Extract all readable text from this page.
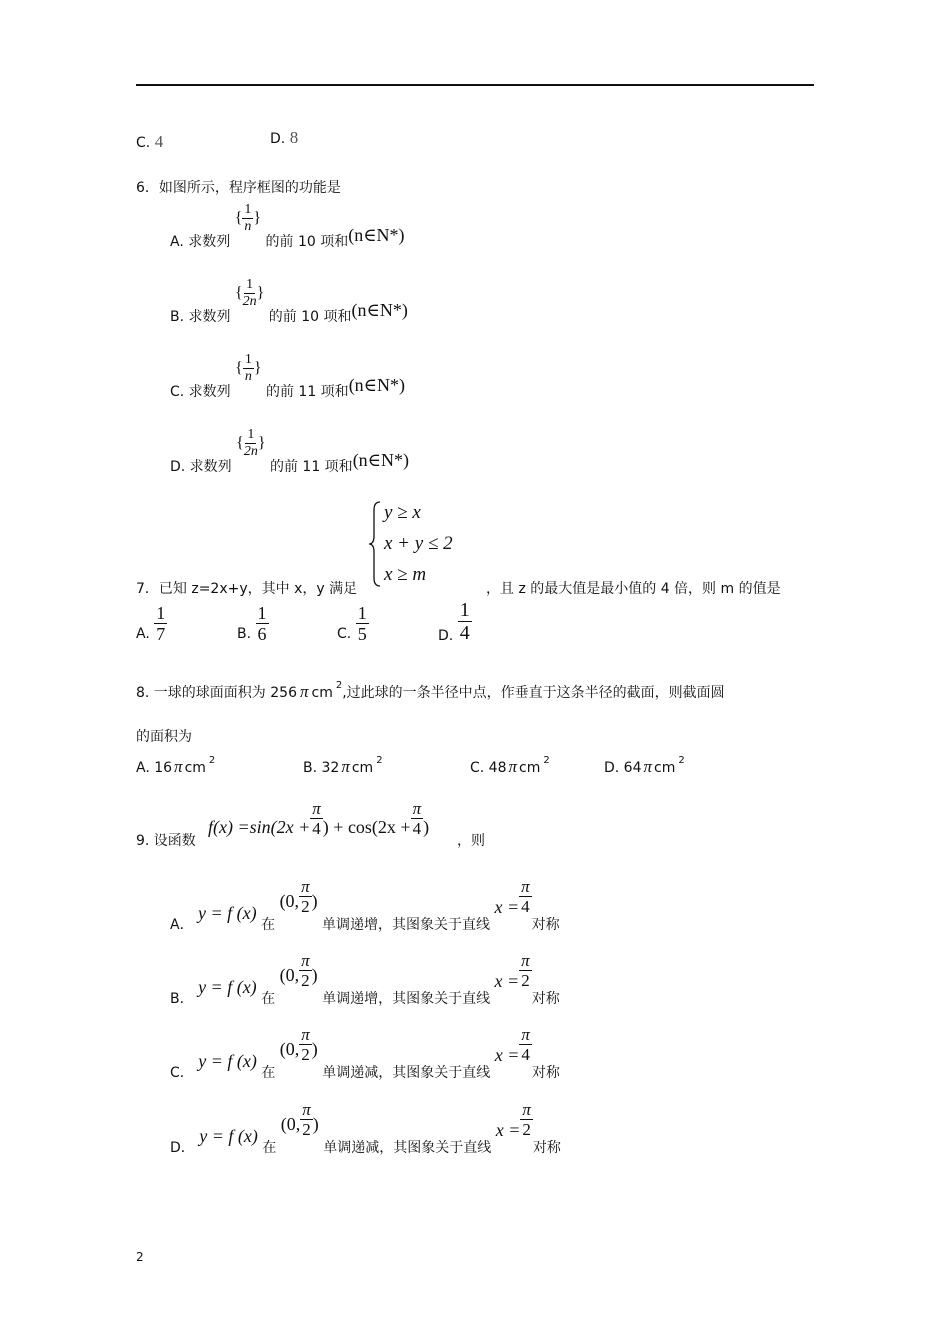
C. 4	D. 8
6．如图所示，程序框图的功能是
A. 求数列 { $\frac{1}{n}$ } 的前 10 项和(n∈N*)
B. 求数列 { $\frac{1}{2n}$ } 的前 10 项和(n∈N*)
C. 求数列 { $\frac{1}{n}$ } 的前 11 项和(n∈N*)
D. 求数列 { $\frac{1}{2n}$ } 的前 11 项和(n∈N*)
y ≥ x
x + y ≤ 2
x ≥ m
7．已知 z=2x+y，其中 x，y 满足	，且 z 的最大值是最小值的 4 倍，则 m 的值是
A. $\frac{1}{7}$	B. $\frac{1}{6}$	C. $\frac{1}{5}$	D. $\frac{1}{4}$
8. 一球的球面面积为 256 π cm $^2$,过此球的一条半径中点，作垂直于这条半径的截面，则截面圆
的面积为
A. 16 π cm $^2$	B. 32 π cm $^2$	C. 48 π cm $^2$	D. 64 π cm $^2$
9. 设函数
$f(x) =\sin(2x + \frac{\pi}{4}$ ) + $\cos(2x + \frac{\pi}{4}$ )
，则
A． y = f (x) 在 (0, $\frac{\pi}{2}$ ) 单调递增，其图象关于直线 $x = \frac{\pi}{4}$
对称
B． y = f (x) 在 (0, $\frac{\pi}{2}$ ) 单调递增，其图象关于直线 $x = \frac{\pi}{2}$
对称
C． y = f (x) 在 (0, $\frac{\pi}{2}$ ) 单调递减，其图象关于直线 $x = \frac{\pi}{4}$
对称
D． y = f (x) 在 (0, $\frac{\pi}{2}$ ) 单调递减，其图象关于直线 $x = \frac{\pi}{2}$
对称
2
